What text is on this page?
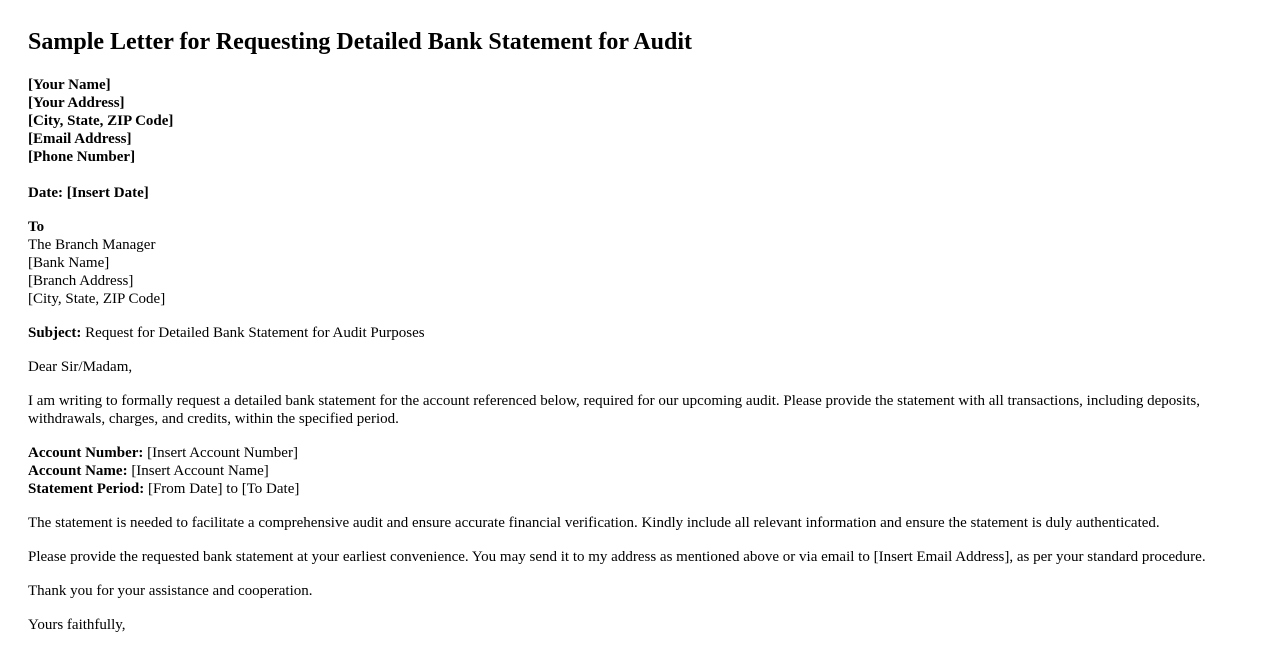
Sample Letter for Requesting Detailed Bank Statement for Audit
[Your Name]
[Your Address]
[City, State, ZIP Code]
[Email Address]
[Phone Number]
Date: [Insert Date]
To
The Branch Manager
[Bank Name]
[Branch Address]
[City, State, ZIP Code]
Subject: Request for Detailed Bank Statement for Audit Purposes
Dear Sir/Madam,
I am writing to formally request a detailed bank statement for the account referenced below, required for our upcoming audit. Please provide the statement with all transactions, including deposits, withdrawals, charges, and credits, within the specified period.
Account Number: [Insert Account Number]
Account Name: [Insert Account Name]
Statement Period: [From Date] to [To Date]
The statement is needed to facilitate a comprehensive audit and ensure accurate financial verification. Kindly include all relevant information and ensure the statement is duly authenticated.
Please provide the requested bank statement at your earliest convenience. You may send it to my address as mentioned above or via email to [Insert Email Address], as per your standard procedure.
Thank you for your assistance and cooperation.
Yours faithfully,
